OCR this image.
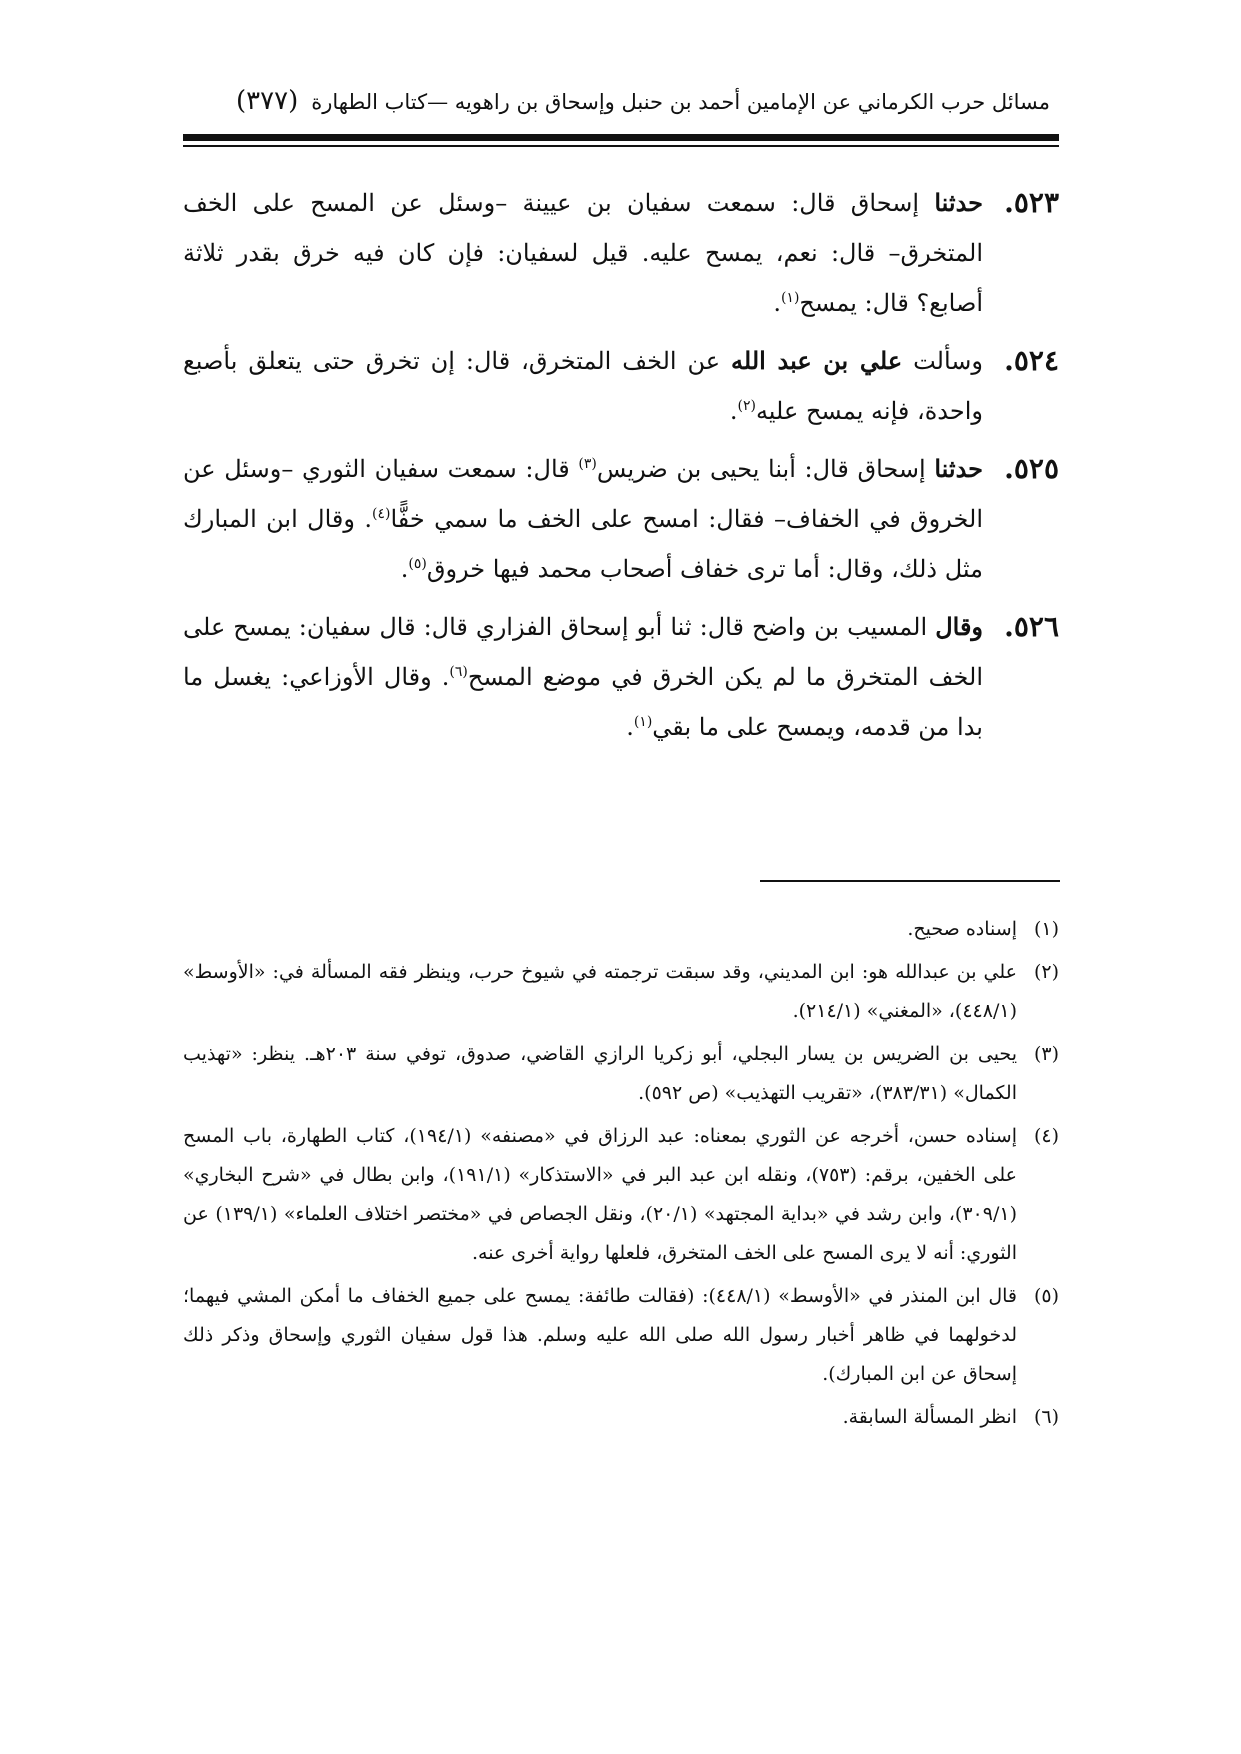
مسائل حرب الكرماني عن الإمامين أحمد بن حنبل وإسحاق بن راهويه —كتاب الطهارة
(٣٧٧)
٥٢٣.
حدثنا إسحاق قال: سمعت سفيان بن عيينة –وسئل عن المسح على الخف المتخرق– قال: نعم، يمسح عليه. قيل لسفيان: فإن كان فيه خرق بقدر ثلاثة أصابع؟ قال: يمسح$^{(١)}$.
٥٢٤.
وسألت علي بن عبد الله عن الخف المتخرق، قال: إن تخرق حتى يتعلق بأصبع واحدة، فإنه يمسح عليه$^{(٢)}$.
٥٢٥.
حدثنا إسحاق قال: أبنا يحيى بن ضريس$^{(٣)}$ قال: سمعت سفيان الثوري –وسئل عن الخروق في الخفاف– فقال: امسح على الخف ما سمي خفًّا$^{(٤)}$. وقال ابن المبارك مثل ذلك، وقال: أما ترى خفاف أصحاب محمد فيها خروق$^{(٥)}$.
٥٢٦.
وقال المسيب بن واضح قال: ثنا أبو إسحاق الفزاري قال: قال سفيان: يمسح على الخف المتخرق ما لم يكن الخرق في موضع المسح$^{(٦)}$. وقال الأوزاعي: يغسل ما بدا من قدمه، ويمسح على ما بقي$^{(١)}$.
(١)
إسناده صحيح.
(٢)
علي بن عبدالله هو: ابن المديني، وقد سبقت ترجمته في شيوخ حرب، وينظر فقه المسألة في: «الأوسط» (٤٤٨/١)، «المغني» (٢١٤/١).
(٣)
يحيى بن الضريس بن يسار البجلي، أبو زكريا الرازي القاضي، صدوق، توفي سنة ٢٠٣هـ. ينظر: «تهذيب الكمال» (٣٨٣/٣١)، «تقريب التهذيب» (ص ٥٩٢).
(٤)
إسناده حسن، أخرجه عن الثوري بمعناه: عبد الرزاق في «مصنفه» (١٩٤/١)، كتاب الطهارة، باب المسح على الخفين، برقم: (٧٥٣)، ونقله ابن عبد البر في «الاستذكار» (١٩١/١)، وابن بطال في «شرح البخاري» (٣٠٩/١)، وابن رشد في «بداية المجتهد» (٢٠/١)، ونقل الجصاص في «مختصر اختلاف العلماء» (١٣٩/١) عن الثوري: أنه لا يرى المسح على الخف المتخرق، فلعلها رواية أخرى عنه.
(٥)
قال ابن المنذر في «الأوسط» (٤٤٨/١): (فقالت طائفة: يمسح على جميع الخفاف ما أمكن المشي فيهما؛ لدخولهما في ظاهر أخبار رسول الله صلى الله عليه وسلم. هذا قول سفيان الثوري وإسحاق وذكر ذلك إسحاق عن ابن المبارك).
(٦)
انظر المسألة السابقة.
